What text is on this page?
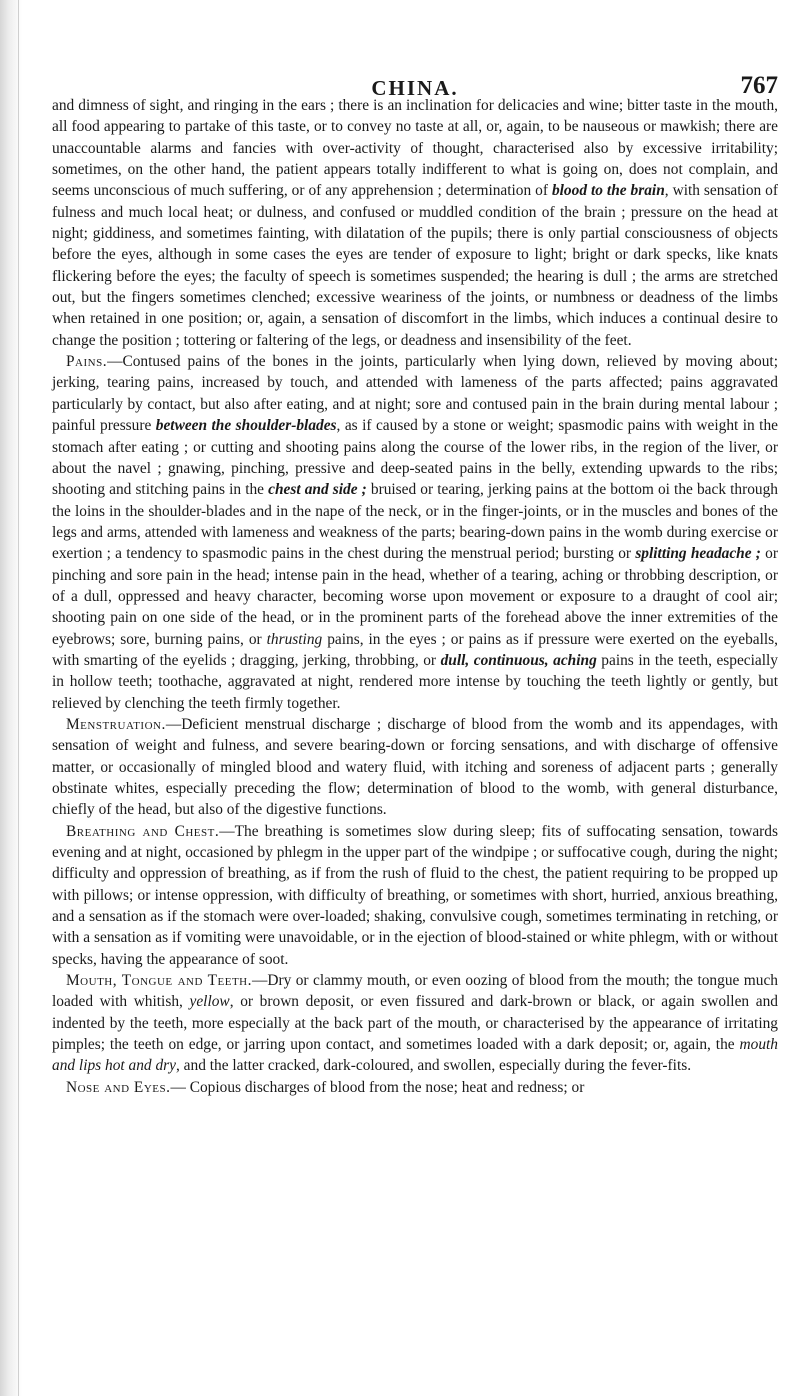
CHINA.	767

and dimness of sight, and ringing in the ears ; there is an inclination for delicacies and wine; bitter taste in the mouth, all food appearing to partake of this taste, or to convey no taste at all, or, again, to be nauseous or mawkish; there are unaccountable alarms and fancies with over-activity of thought, characterised also by excessive irritability; sometimes, on the other hand, the patient appears totally indifferent to what is going on, does not complain, and seems unconscious of much suffering, or of any apprehension ; determination of blood to the brain, with sensation of fulness and much local heat; or dulness, and confused or muddled condition of the brain ; pressure on the head at night; giddiness, and sometimes fainting, with dilatation of the pupils; there is only partial consciousness of objects before the eyes, although in some cases the eyes are tender of exposure to light; bright or dark specks, like knats flickering before the eyes; the faculty of speech is sometimes suspended; the hearing is dull ; the arms are stretched out, but the fingers sometimes clenched; excessive weariness of the joints, or numbness or deadness of the limbs when retained in one position; or, again, a sensation of discomfort in the limbs, which induces a continual desire to change the position ; tottering or faltering of the legs, or deadness and insensibility of the feet.

Pains.—Contused pains of the bones in the joints, particularly when lying down, relieved by moving about; jerking, tearing pains, increased by touch, and attended with lameness of the parts affected; pains aggravated particularly by contact, but also after eating, and at night; sore and contused pain in the brain during mental labour ; painful pressure between the shoulder-blades, as if caused by a stone or weight; spasmodic pains with weight in the stomach after eating ; or cutting and shooting pains along the course of the lower ribs, in the region of the liver, or about the navel ; gnawing, pinching, pressive and deep-seated pains in the belly, extending upwards to the ribs; shooting and stitching pains in the chest and side ; bruised or tearing, jerking pains at the bottom oi the back through the loins in the shoulder-blades and in the nape of the neck, or in the finger-joints, or in the muscles and bones of the legs and arms, attended with lameness and weakness of the parts; bearing-down pains in the womb during exercise or exertion ; a tendency to spasmodic pains in the chest during the menstrual period; bursting or splitting headache ; or pinching and sore pain in the head; intense pain in the head, whether of a tearing, aching or throbbing description, or of a dull, oppressed and heavy character, becoming worse upon movement or exposure to a draught of cool air; shooting pain on one side of the head, or in the prominent parts of the forehead above the inner extremities of the eyebrows; sore, burning pains, or thrusting pains, in the eyes ; or pains as if pressure were exerted on the eyeballs, with smarting of the eyelids ; dragging, jerking, throbbing, or dull, continuous, aching pains in the teeth, especially in hollow teeth; toothache, aggravated at night, rendered more intense by touching the teeth lightly or gently, but relieved by clenching the teeth firmly together.

Menstruation.—Deficient menstrual discharge ; discharge of blood from the womb and its appendages, with sensation of weight and fulness, and severe bearing-down or forcing sensations, and with discharge of offensive matter, or occasionally of mingled blood and watery fluid, with itching and soreness of adjacent parts ; generally obstinate whites, especially preceding the flow; determination of blood to the womb, with general disturbance, chiefly of the head, but also of the digestive functions.

Breathing and Chest.—The breathing is sometimes slow during sleep; fits of suffocating sensation, towards evening and at night, occasioned by phlegm in the upper part of the windpipe ; or suffocative cough, during the night; difficulty and oppression of breathing, as if from the rush of fluid to the chest, the patient requiring to be propped up with pillows; or intense oppression, with difficulty of breathing, or sometimes with short, hurried, anxious breathing, and a sensation as if the stomach were over-loaded; shaking, convulsive cough, sometimes terminating in retching, or with a sensation as if vomiting were unavoidable, or in the ejection of blood-stained or white phlegm, with or without specks, having the appearance of soot.

Mouth, Tongue and Teeth.—Dry or clammy mouth, or even oozing of blood from the mouth; the tongue much loaded with whitish, yellow, or brown deposit, or even fissured and dark-brown or black, or again swollen and indented by the teeth, more especially at the back part of the mouth, or characterised by the appearance of irritating pimples; the teeth on edge, or jarring upon contact, and sometimes loaded with a dark deposit; or, again, the mouth and lips hot and dry, and the latter cracked, dark-coloured, and swollen, especially during the fever-fits.

Nose and Eyes.— Copious discharges of blood from the nose; heat and redness; or
